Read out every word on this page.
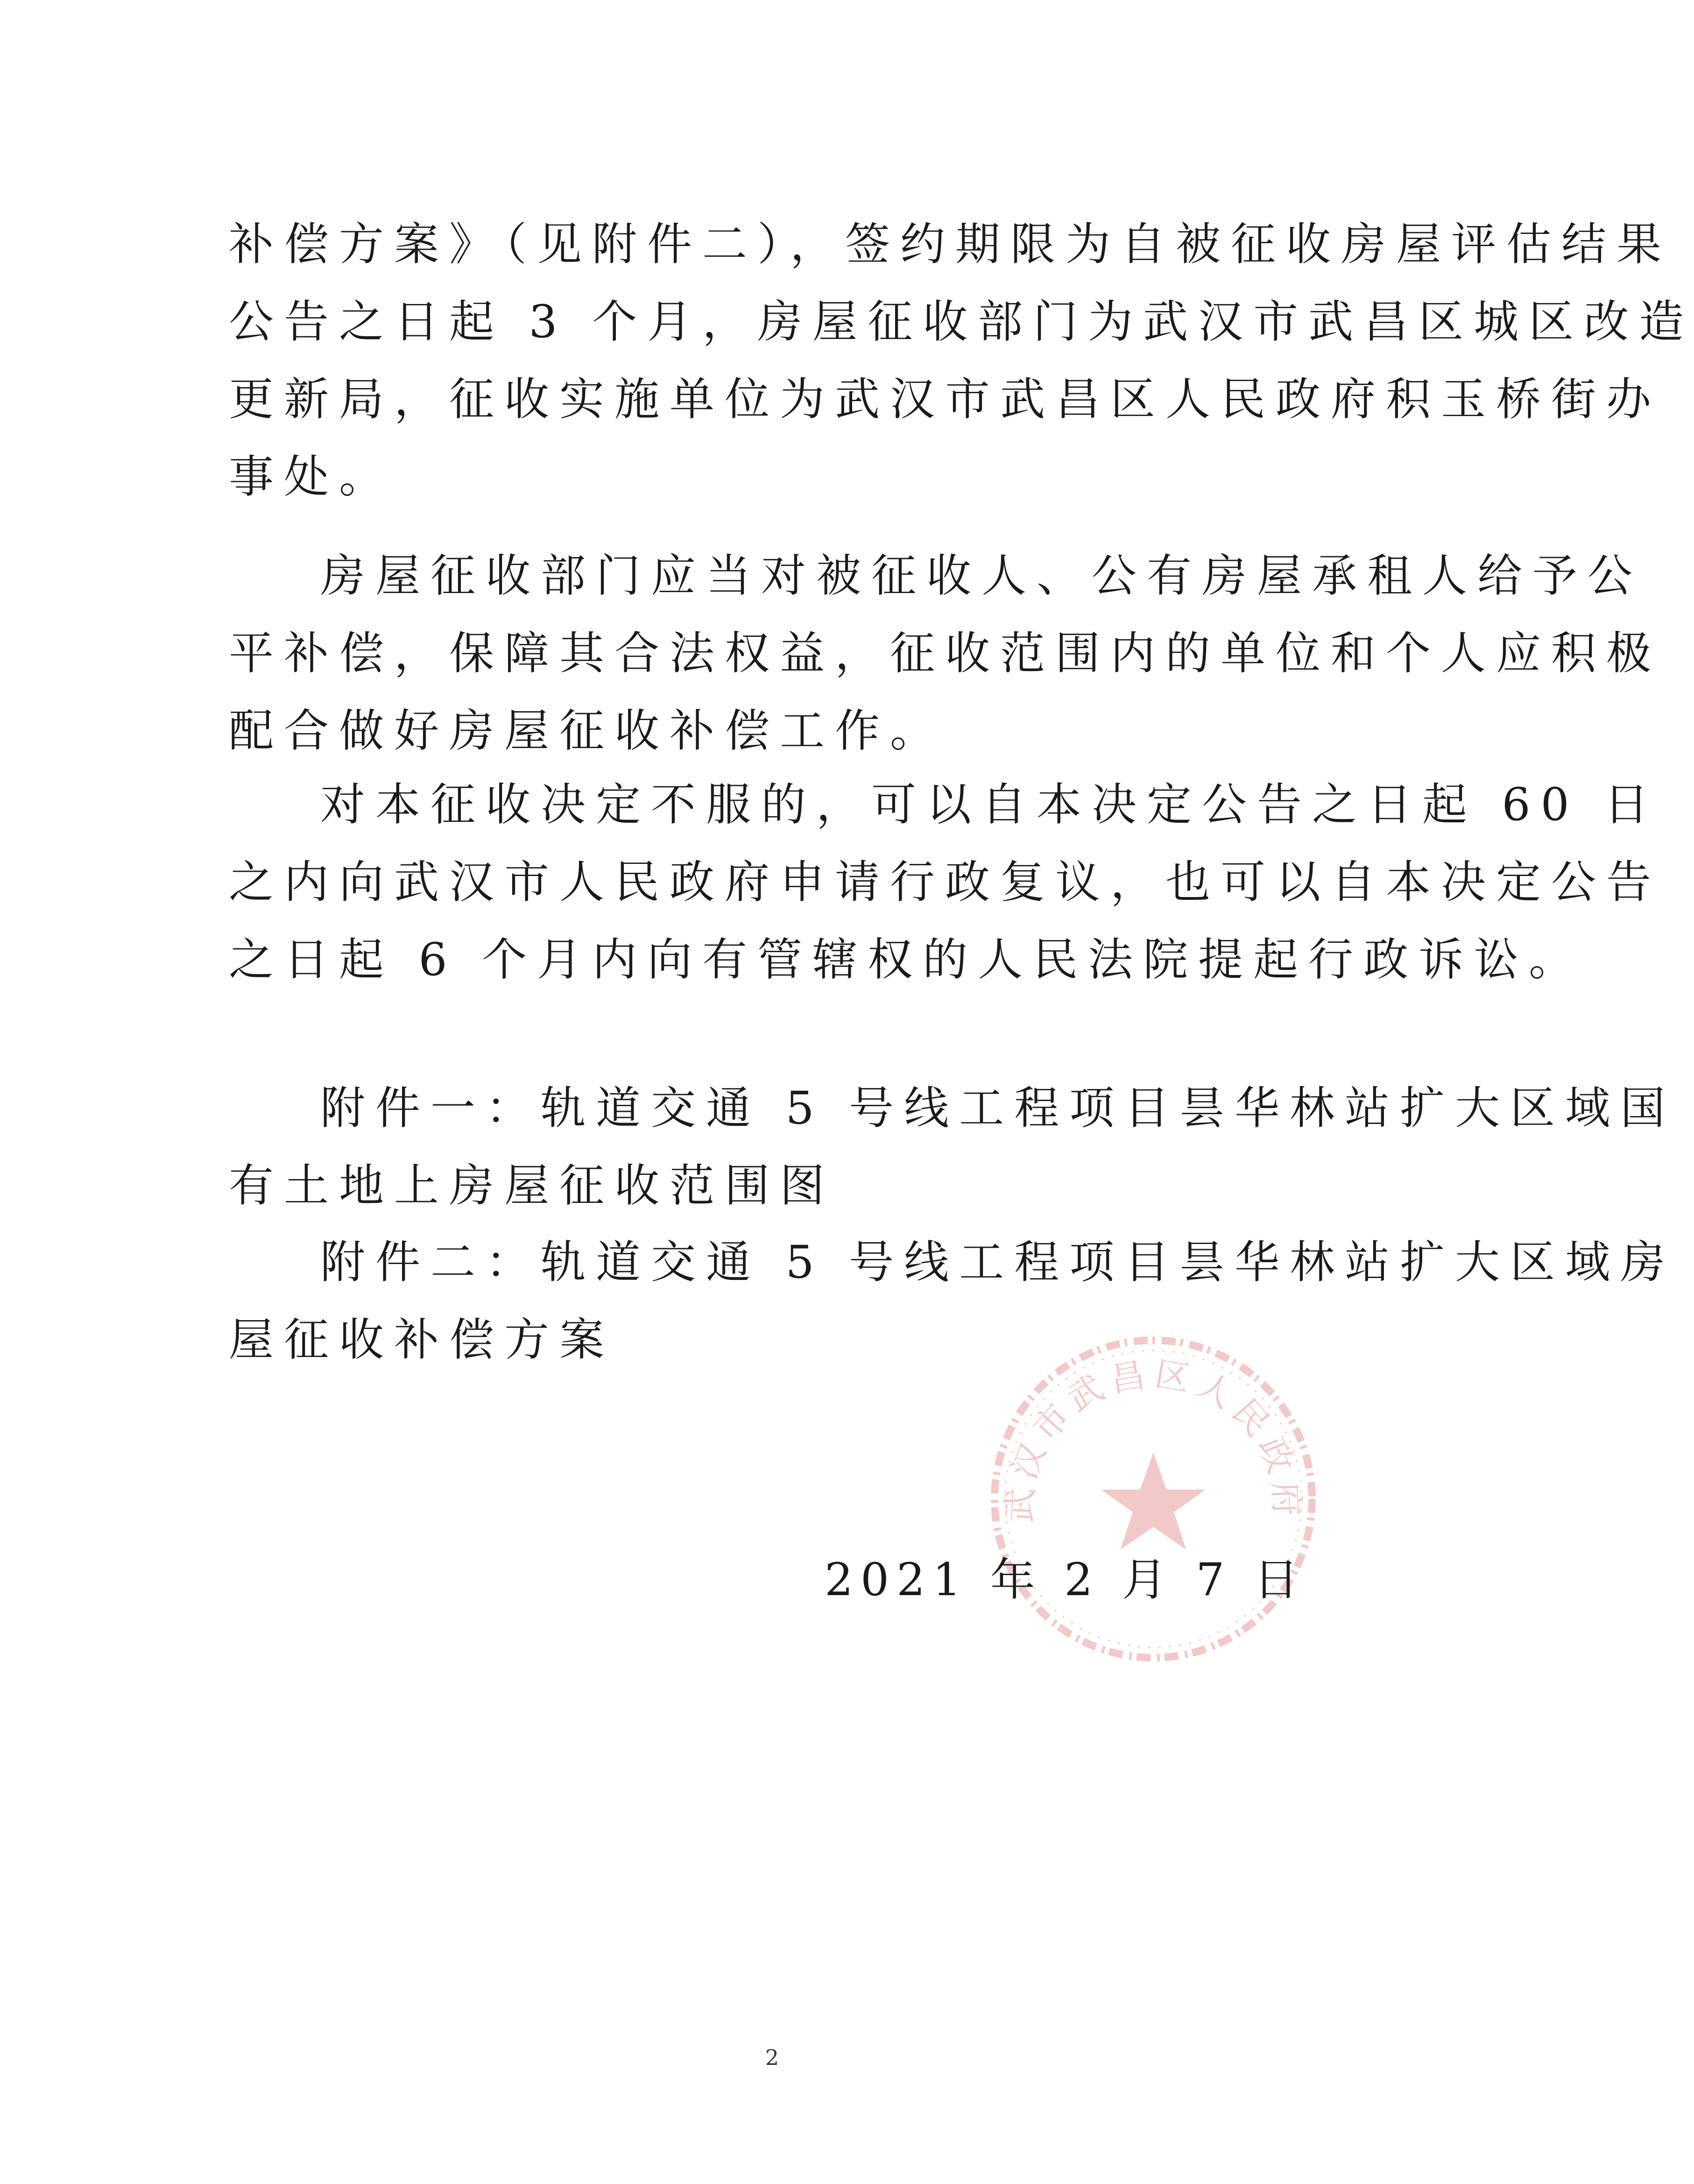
补偿方案》（见附件二），签约期限为自被征收房屋评估结果
公告之日起 3 个月，房屋征收部门为武汉市武昌区城区改造
更新局，征收实施单位为武汉市武昌区人民政府积玉桥街办
事处。
房屋征收部门应当对被征收人、公有房屋承租人给予公
平补偿，保障其合法权益，征收范围内的单位和个人应积极
配合做好房屋征收补偿工作。
对本征收决定不服的，可以自本决定公告之日起 60 日
之内向武汉市人民政府申请行政复议，也可以自本决定公告
之日起 6 个月内向有管辖权的人民法院提起行政诉讼。
附件一：轨道交通 5 号线工程项目昙华林站扩大区域国
有土地上房屋征收范围图
附件二：轨道交通 5 号线工程项目昙华林站扩大区域房
屋征收补偿方案
武汉市武昌区人民政府
2021 年 2 月 7 日
2
